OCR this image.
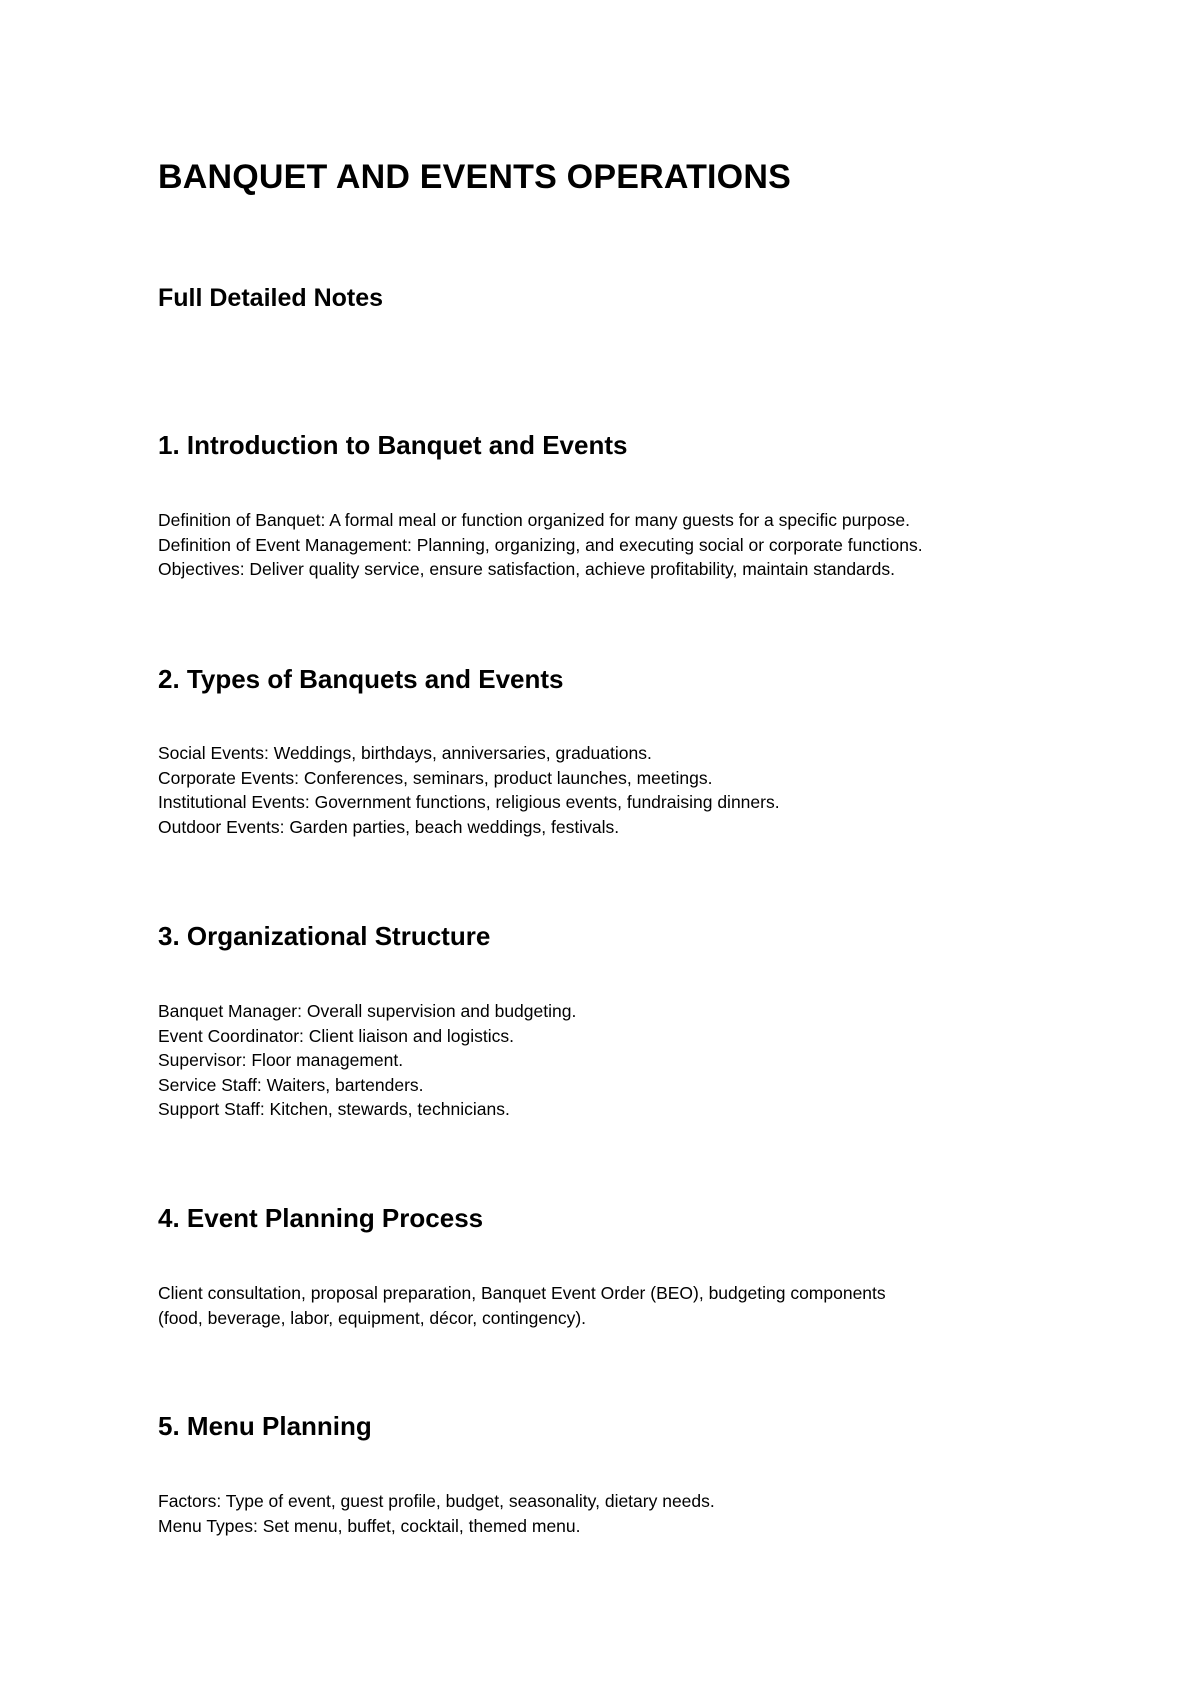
BANQUET AND EVENTS OPERATIONS
Full Detailed Notes
1. Introduction to Banquet and Events
Definition of Banquet: A formal meal or function organized for many guests for a specific purpose.
Definition of Event Management: Planning, organizing, and executing social or corporate functions.
Objectives: Deliver quality service, ensure satisfaction, achieve profitability, maintain standards.
2. Types of Banquets and Events
Social Events: Weddings, birthdays, anniversaries, graduations.
Corporate Events: Conferences, seminars, product launches, meetings.
Institutional Events: Government functions, religious events, fundraising dinners.
Outdoor Events: Garden parties, beach weddings, festivals.
3. Organizational Structure
Banquet Manager: Overall supervision and budgeting.
Event Coordinator: Client liaison and logistics.
Supervisor: Floor management.
Service Staff: Waiters, bartenders.
Support Staff: Kitchen, stewards, technicians.
4. Event Planning Process
Client consultation, proposal preparation, Banquet Event Order (BEO), budgeting components
(food, beverage, labor, equipment, décor, contingency).
5. Menu Planning
Factors: Type of event, guest profile, budget, seasonality, dietary needs.
Menu Types: Set menu, buffet, cocktail, themed menu.
